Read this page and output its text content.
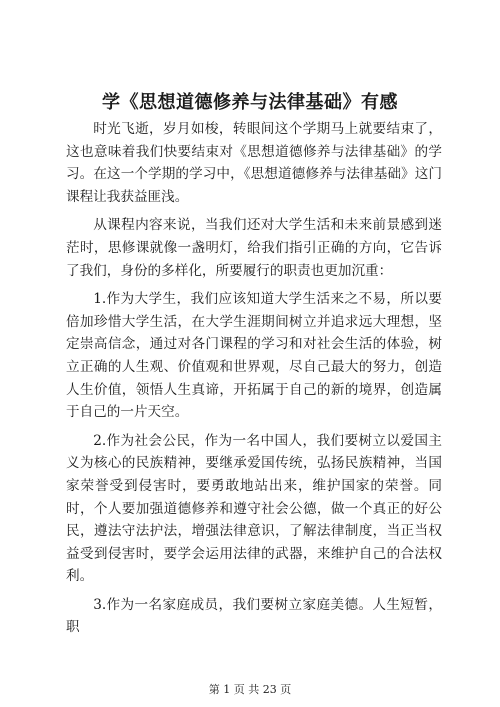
学《思想道德修养与法律基础》有感

时光飞逝，岁月如梭，转眼间这个学期马上就要结束了，这也意味着我们快要结束对《思想道德修养与法律基础》的学习。在这一个学期的学习中，《思想道德修养与法律基础》这门课程让我获益匪浅。

从课程内容来说，当我们还对大学生活和未来前景感到迷茫时，思修课就像一盏明灯，给我们指引正确的方向，它告诉了我们，身份的多样化，所要履行的职责也更加沉重：

1.作为大学生，我们应该知道大学生活来之不易，所以要倍加珍惜大学生活，在大学生涯期间树立并追求远大理想，坚定崇高信念，通过对各门课程的学习和对社会生活的体验，树立正确的人生观、价值观和世界观，尽自己最大的努力，创造人生价值，领悟人生真谛，开拓属于自己的新的境界，创造属于自己的一片天空。

2.作为社会公民，作为一名中国人，我们要树立以爱国主义为核心的民族精神，要继承爱国传统，弘扬民族精神，当国家荣誉受到侵害时，要勇敢地站出来，维护国家的荣誉。同时，个人要加强道德修养和遵守社会公德，做一个真正的好公民，遵法守法护法，增强法律意识，了解法律制度，当正当权益受到侵害时，要学会运用法律的武器，来维护自己的合法权利。

3.作为一名家庭成员，我们要树立家庭美德。人生短暂，职

第 1 页 共 23 页
